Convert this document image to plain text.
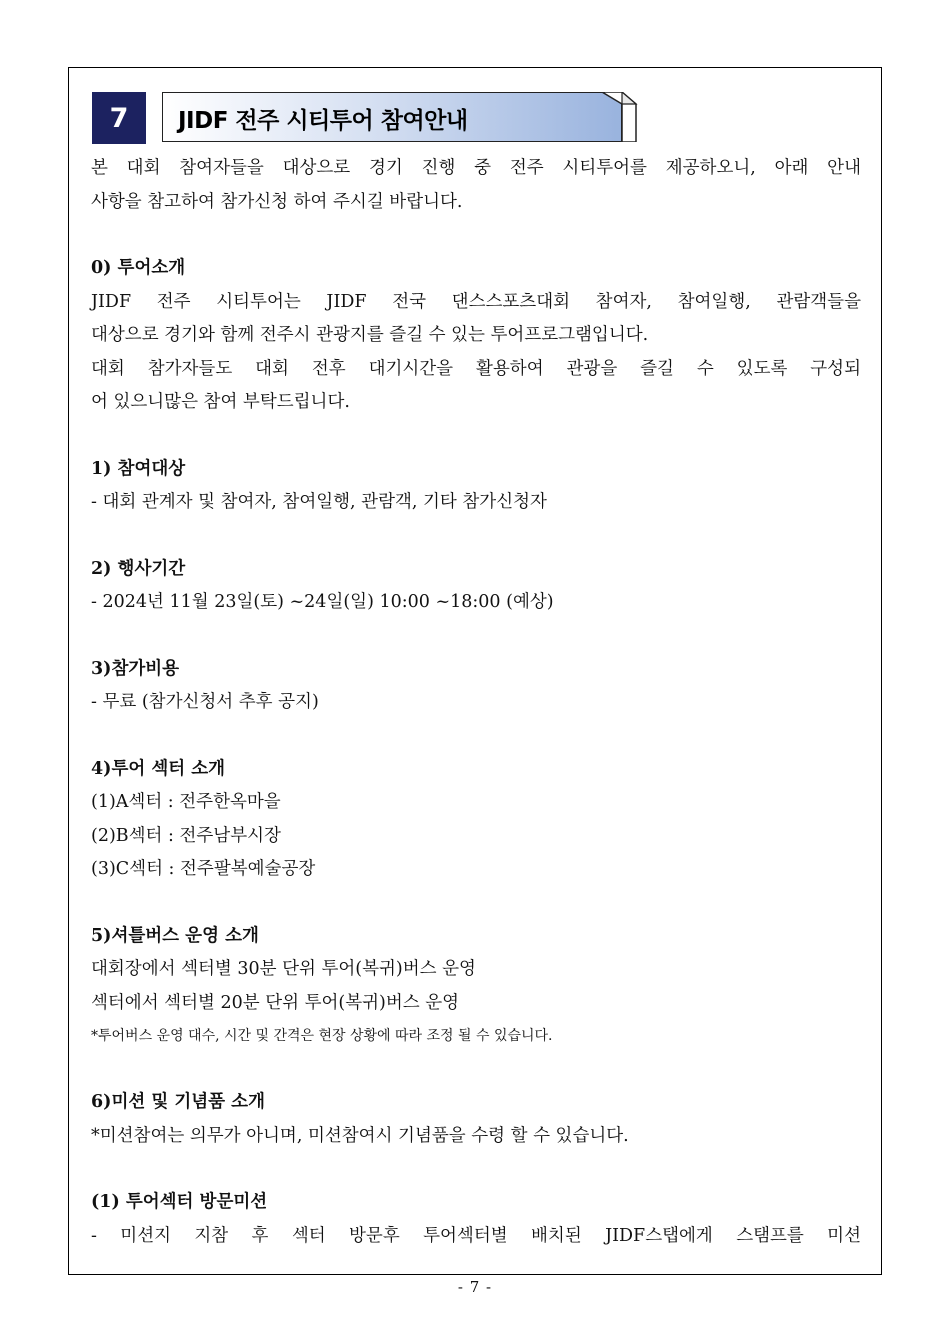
7	JIDF 전주 시티투어 참여안내

본 대회 참여자들을 대상으로 경기 진행 중 전주 시티투어를 제공하오니, 아래 안내

사항을 참고하여 참가신청 하여 주시길 바랍니다.

0) 투어소개

JIDF 전주 시티투어는 JIDF 전국 댄스스포츠대회 참여자, 참여일행, 관람객들을

대상으로 경기와 함께 전주시 관광지를 즐길 수 있는 투어프로그램입니다.

대회 참가자들도 대회 전후 대기시간을 활용하여 관광을 즐길 수 있도록 구성되

어 있으니많은 참여 부탁드립니다.

1) 참여대상

- 대회 관계자 및 참여자, 참여일행, 관람객, 기타 참가신청자

2) 행사기간

- 2024년 11월 23일(토) ~24일(일) 10:00 ~18:00 (예상)

3)참가비용

- 무료 (참가신청서 추후 공지)

4)투어 섹터 소개

(1)A섹터 : 전주한옥마을

(2)B섹터 : 전주남부시장

(3)C섹터 : 전주팔복예술공장

5)셔틀버스 운영 소개

대회장에서 섹터별 30분 단위 투어(복귀)버스 운영

섹터에서 섹터별 20분 단위 투어(복귀)버스 운영

*투어버스 운영 대수, 시간 및 간격은 현장 상황에 따라 조정 될 수 있습니다.

6)미션 및 기념품 소개

*미션참여는 의무가 아니며, 미션참여시 기념품을 수령 할 수 있습니다.

(1) 투어섹터 방문미션

- 미션지 지참 후 섹터 방문후 투어섹터별 배치된 JIDF스탭에게 스탬프를 미션

- 7 -
